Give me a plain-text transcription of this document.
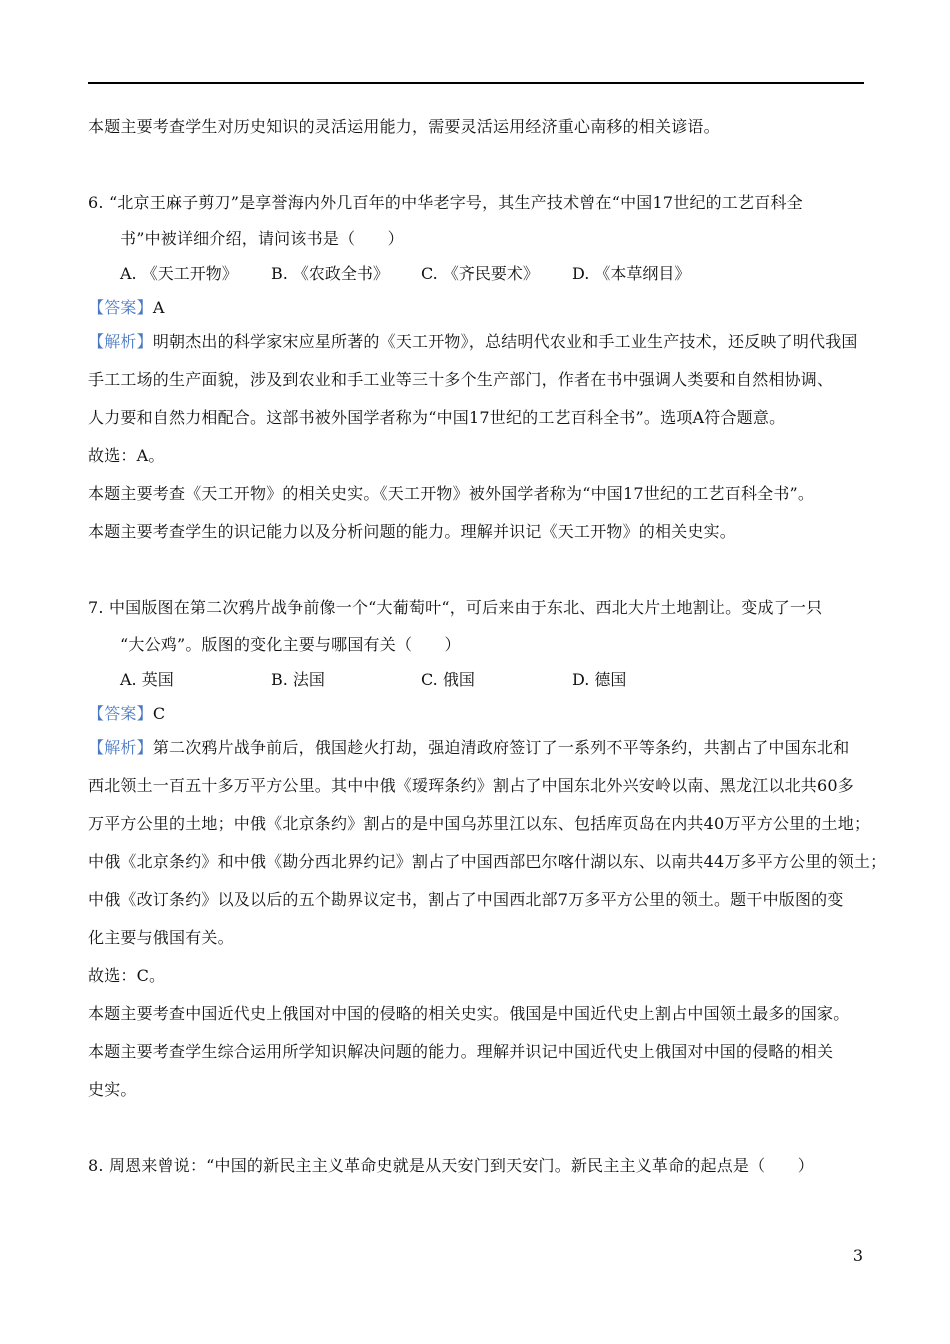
本题主要考查学生对历史知识的灵活运用能力，需要灵活运用经济重心南移的相关谚语。
6. “北京王麻子剪刀”是享誉海内外几百年的中华老字号，其生产技术曾在“中国17世纪的工艺百科全
书”中被详细介绍，请问该书是（　　）
A. 《天工开物》 B. 《农政全书》 C. 《齐民要术》 D. 《本草纲目》
【答案】A
【解析】明朝杰出的科学家宋应星所著的《天工开物》，总结明代农业和手工业生产技术，还反映了明代我国
手工工场的生产面貌，涉及到农业和手工业等三十多个生产部门，作者在书中强调人类要和自然相协调、
人力要和自然力相配合。这部书被外国学者称为“中国17世纪的工艺百科全书”。选项A符合题意。
故选：A。
本题主要考查《天工开物》的相关史实。《天工开物》被外国学者称为“中国17世纪的工艺百科全书”。
本题主要考查学生的识记能力以及分析问题的能力。理解并识记《天工开物》的相关史实。
7. 中国版图在第二次鸦片战争前像一个“大葡萄叶“，可后来由于东北、西北大片土地割让。变成了一只
“大公鸡”。版图的变化主要与哪国有关（　　）
A. 英国	B. 法国	C. 俄国	D. 德国
【答案】C
【解析】第二次鸦片战争前后，俄国趁火打劫，强迫清政府签订了一系列不平等条约，共割占了中国东北和
西北领土一百五十多万平方公里。其中中俄《瑷珲条约》割占了中国东北外兴安岭以南、黑龙江以北共60多
万平方公里的土地；中俄《北京条约》割占的是中国乌苏里江以东、包括库页岛在内共40万平方公里的土地；
中俄《北京条约》和中俄《勘分西北界约记》割占了中国西部巴尔喀什湖以东、以南共44万多平方公里的领土；
中俄《改订条约》以及以后的五个勘界议定书，割占了中国西北部7万多平方公里的领土。题干中版图的变
化主要与俄国有关。
故选：C。
本题主要考查中国近代史上俄国对中国的侵略的相关史实。俄国是中国近代史上割占中国领土最多的国家。
本题主要考查学生综合运用所学知识解决问题的能力。理解并识记中国近代史上俄国对中国的侵略的相关
史实。
8. 周恩来曾说：“中国的新民主主义革命史就是从天安门到天安门。新民主主义革命的起点是（　　）
3
